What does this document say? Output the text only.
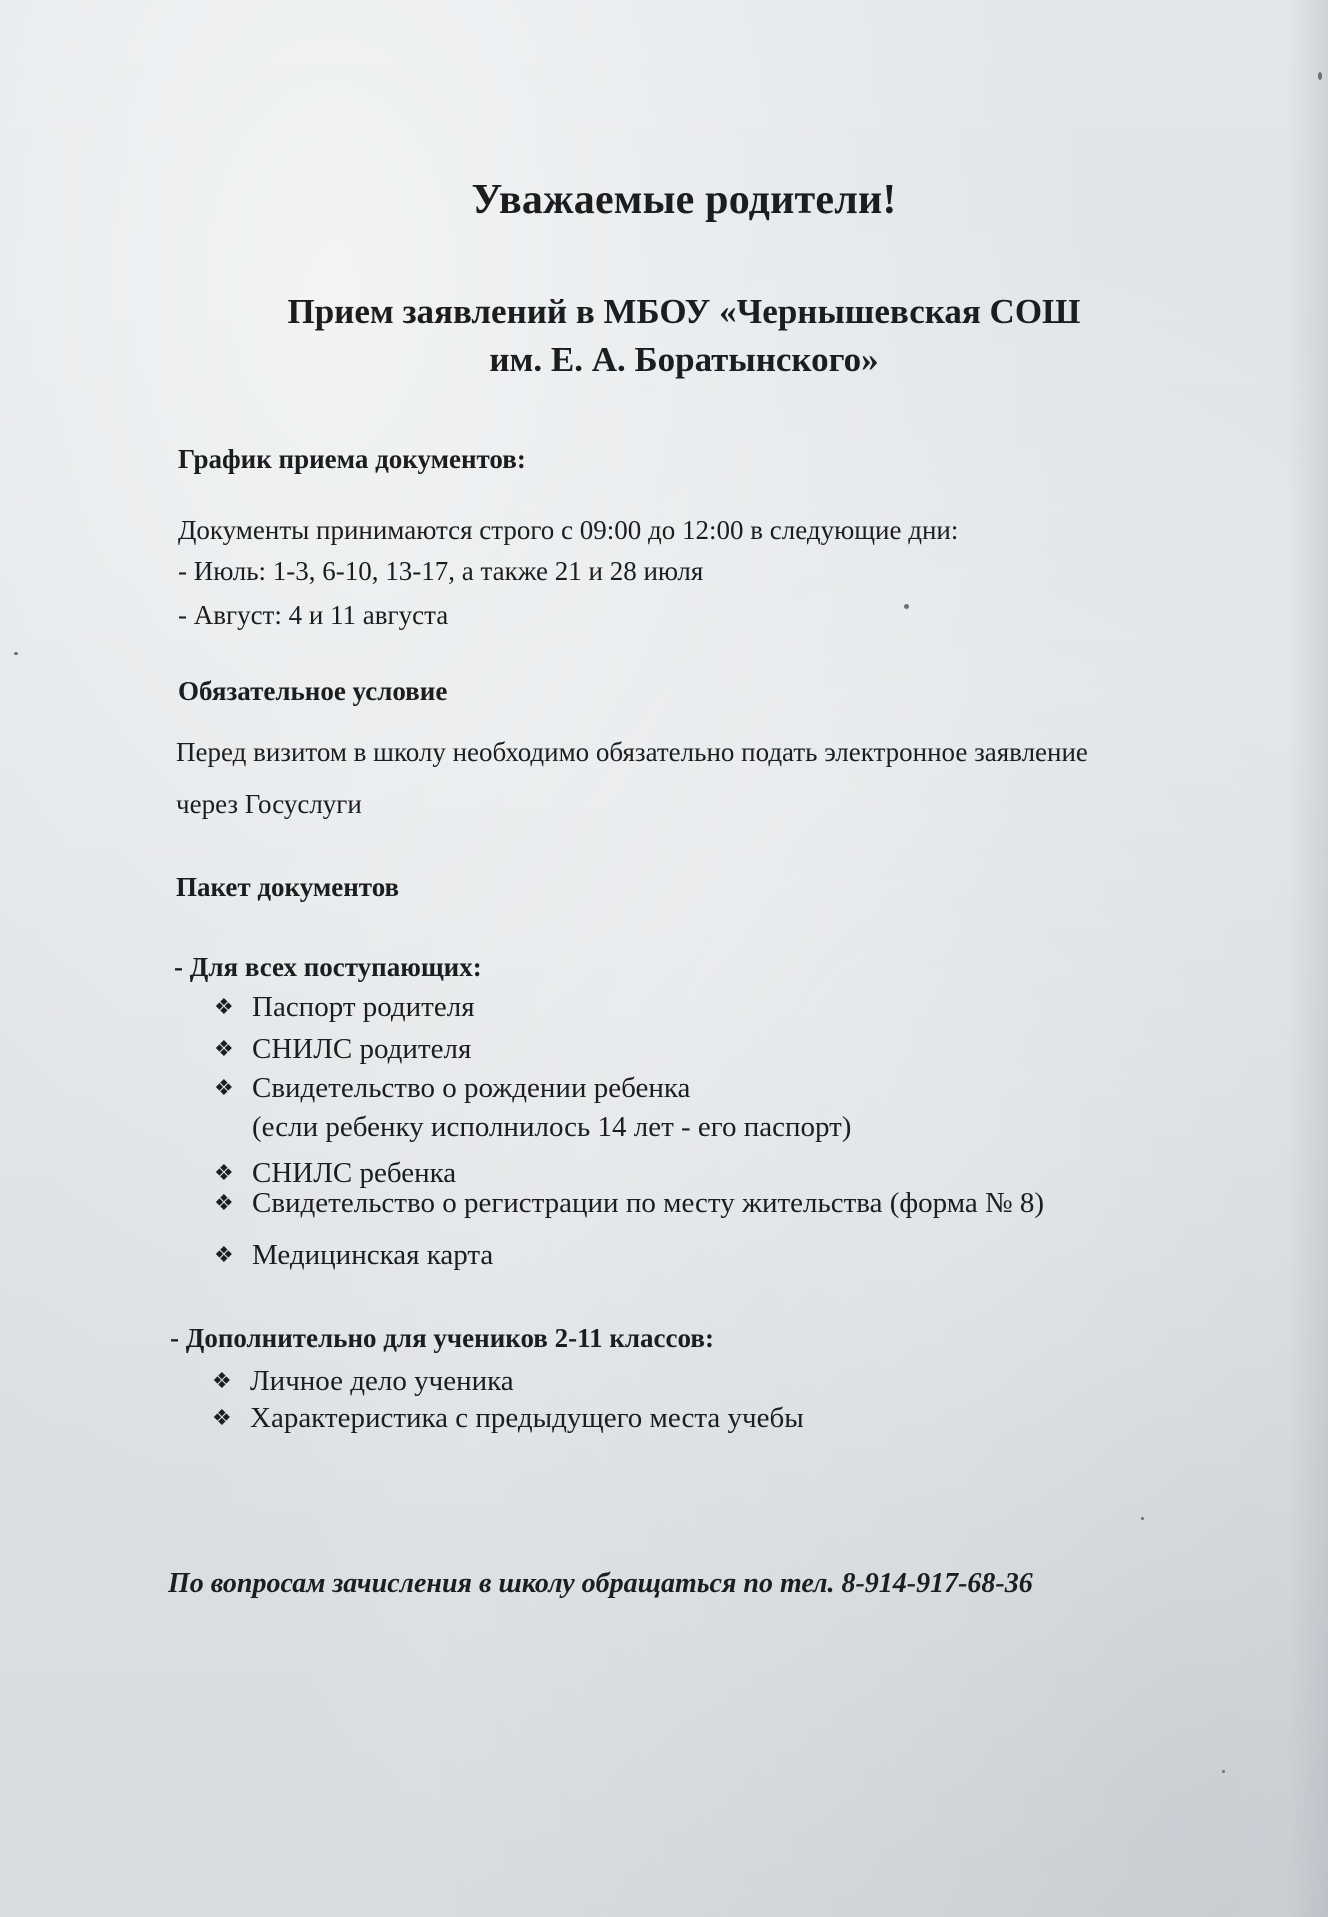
Уважаемые родители!
Прием заявлений в МБОУ «Чернышевская СОШ
им. Е. А. Боратынского»
График приема документов:

Документы принимаются строго с 09:00 до 12:00 в следующие дни:

- Июль: 1-3, 6-10, 13-17, а также 21 и 28 июля

- Август: 4 и 11 августа

Обязательное условие

Перед визитом в школу необходимо обязательно подать электронное заявление

через Госуслуги

Пакет документов
- Для всех поступающих:

❖ Паспорт родителя

❖ СНИЛС родителя

❖ Свидетельство о рождении ребенка

(если ребенку исполнилось 14 лет - его паспорт)

❖ СНИЛС ребенка

❖ Свидетельство о регистрации по месту жительства (форма № 8)

❖ Медицинская карта

- Дополнительно для учеников 2-11 классов:

❖ Личное дело ученика

❖ Характеристика с предыдущего места учебы

По вопросам зачисления в школу обращаться по тел. 8-914-917-68-36
